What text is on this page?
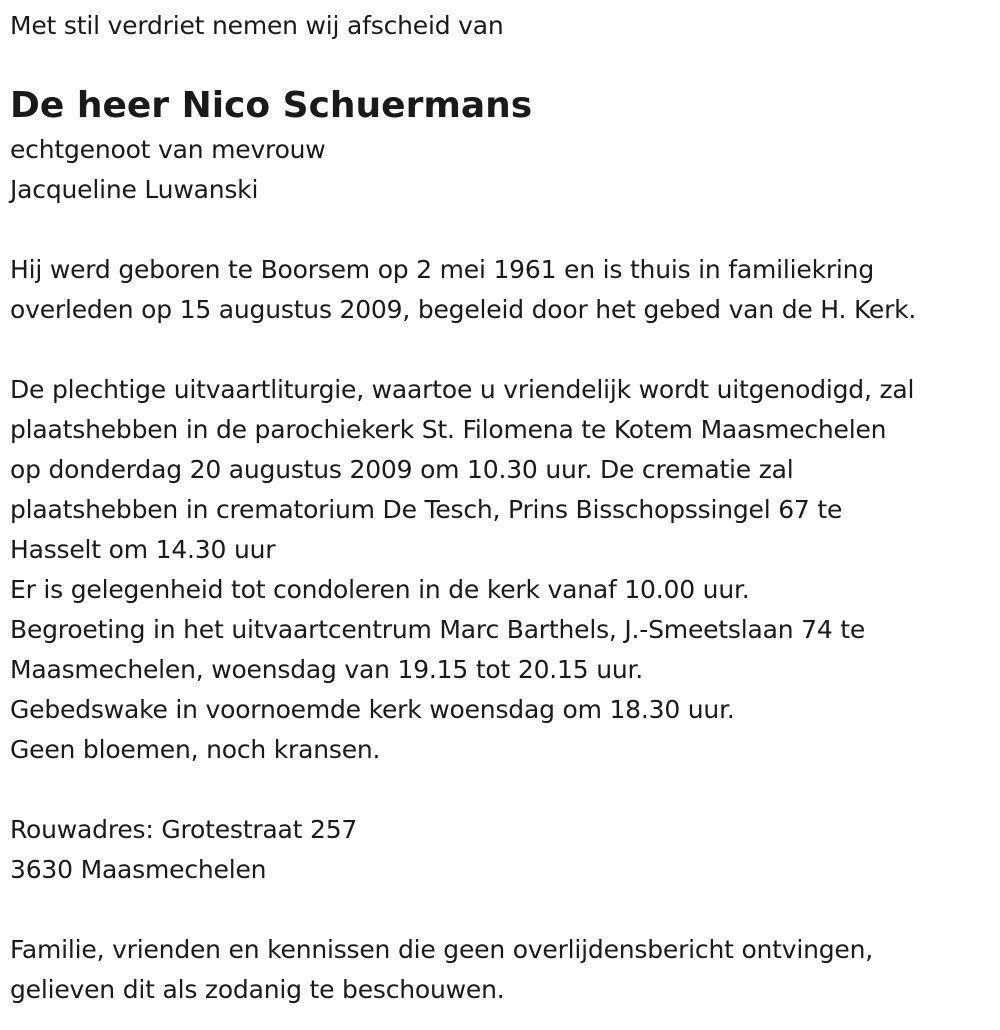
Met stil verdriet nemen wij afscheid van

De heer Nico Schuermans

echtgenoot van mevrouw

Jacqueline Luwanski

Hij werd geboren te Boorsem op 2 mei 1961 en is thuis in familiekring

overleden op 15 augustus 2009, begeleid door het gebed van de H. Kerk.

De plechtige uitvaartliturgie, waartoe u vriendelijk wordt uitgenodigd, zal

plaatshebben in de parochiekerk St. Filomena te Kotem Maasmechelen

op donderdag 20 augustus 2009 om 10.30 uur. De crematie zal

plaatshebben in crematorium De Tesch, Prins Bisschopssingel 67 te

Hasselt om 14.30 uur

Er is gelegenheid tot condoleren in de kerk vanaf 10.00 uur.

Begroeting in het uitvaartcentrum Marc Barthels, J.-Smeetslaan 74 te

Maasmechelen, woensdag van 19.15 tot 20.15 uur.

Gebedswake in voornoemde kerk woensdag om 18.30 uur.

Geen bloemen, noch kransen.

Rouwadres: Grotestraat 257

3630 Maasmechelen

Familie, vrienden en kennissen die geen overlijdensbericht ontvingen,

gelieven dit als zodanig te beschouwen.
